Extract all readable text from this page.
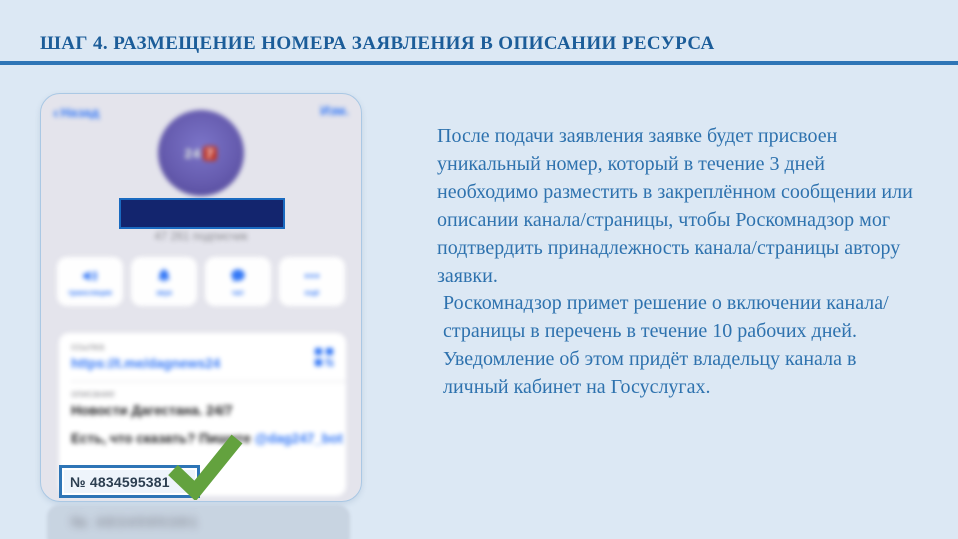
ШАГ 4. РАЗМЕЩЕНИЕ НОМЕРА ЗАЯВЛЕНИЯ В ОПИСАНИИ РЕСУРСА
После подачи заявления заявке будет присвоен уникальный номер, который в течение 3 дней необходимо разместить в закреплённом сообщении или описании канала/страницы, чтобы Роскомнадзор мог подтвердить принадлежность канала/страницы автору заявки.
Роскомнадзор примет решение о включении канала/страницы в перечень в течение 10 рабочих дней. Уведомление об этом придёт владельцу канала в личный кабинет на Госуслугах.
‹ Назад	Изм.
24 7
47 261 подписчик
трансляция	звук	чат	ещё
ссылка
https://t.me/dagnews24
описание
Новости Дагестана. 24/7
Есть, что сказать? Пишите @dag247_bot
№ 4834595381
№ 4834595381
